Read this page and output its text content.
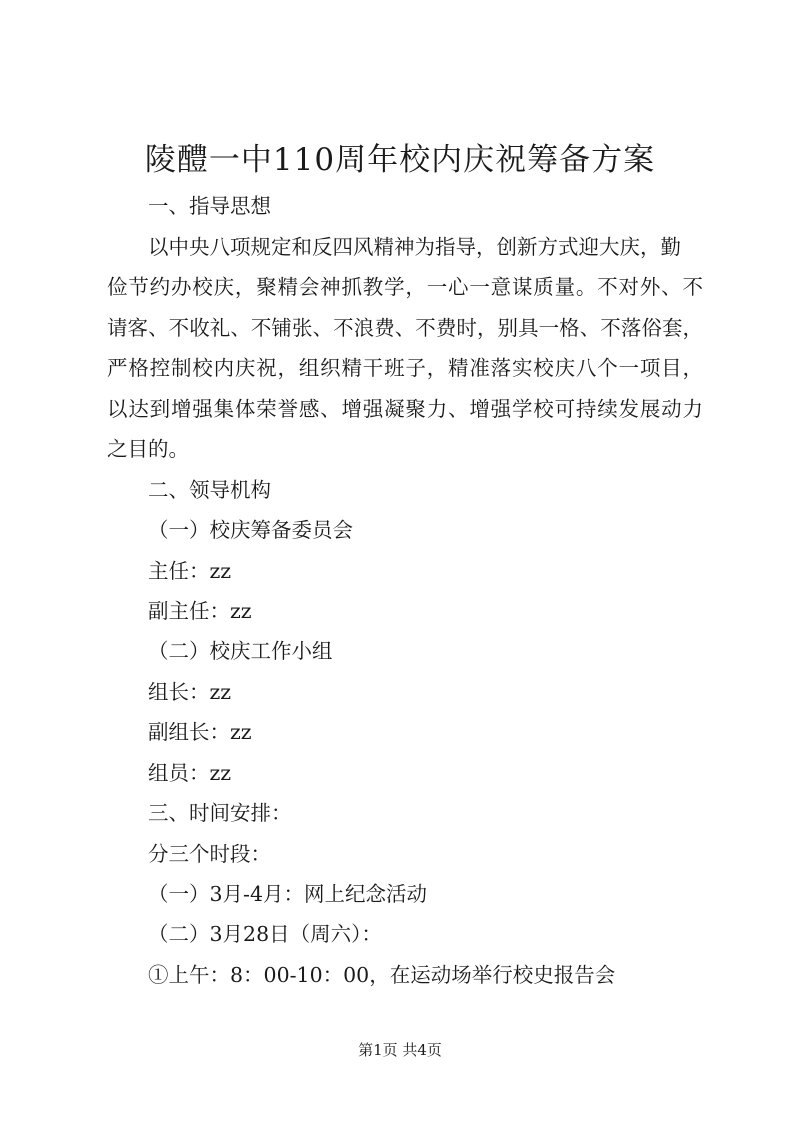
陵醴一中110周年校内庆祝筹备方案
一、指导思想
以中央八项规定和反四风精神为指导，创新方式迎大庆，勤
俭节约办校庆，聚精会神抓教学，一心一意谋质量。不对外、不
请客、不收礼、不铺张、不浪费、不费时，别具一格、不落俗套，
严格控制校内庆祝，组织精干班子，精准落实校庆八个一项目，
以达到增强集体荣誉感、增强凝聚力、增强学校可持续发展动力
之目的。
二、领导机构
（一）校庆筹备委员会
主任：zz
副主任：zz
（二）校庆工作小组
组长：zz
副组长：zz
组员：zz
三、时间安排：
分三个时段：
（一）3月-4月：网上纪念活动
（二）3月28日（周六）：
①上午：8：00-10：00，在运动场举行校史报告会
第1页 共4页
